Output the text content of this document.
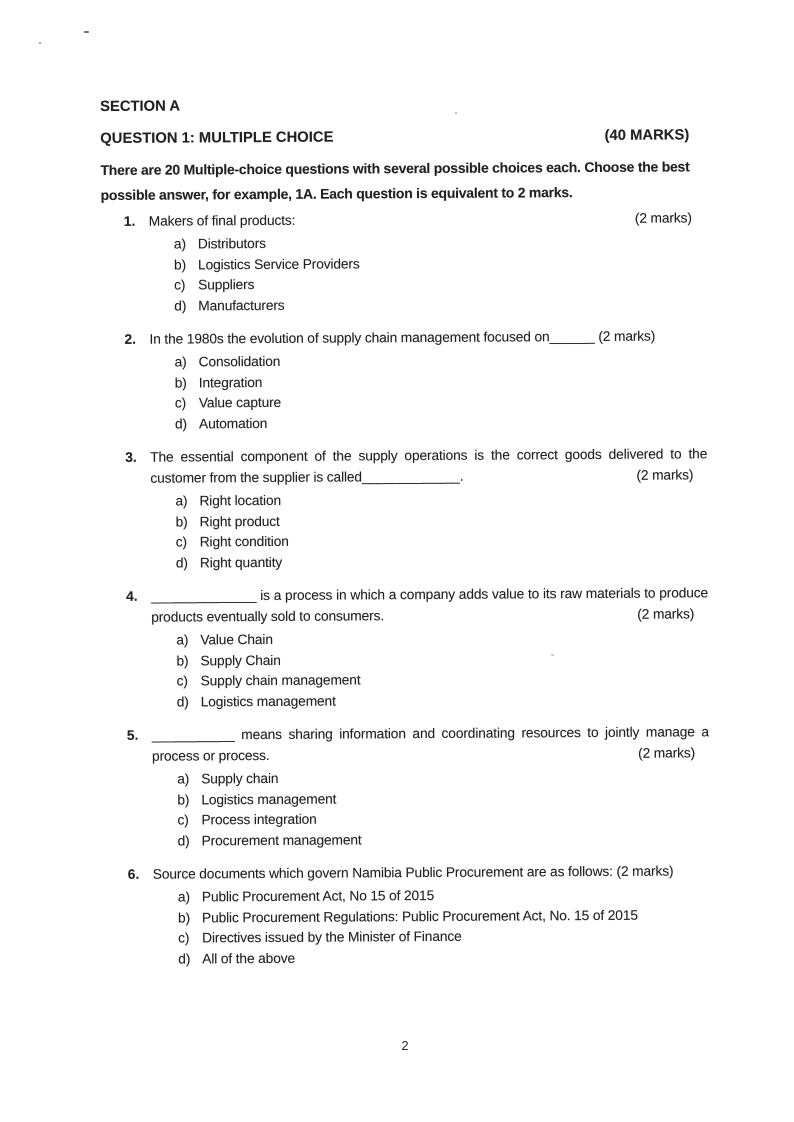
SECTION A
QUESTION 1: MULTIPLE CHOICE	(40 MARKS)
There are 20 Multiple-choice questions with several possible choices each. Choose the best
possible answer, for example, 1A. Each question is equivalent to 2 marks.
1. Makers of final products:	(2 marks)
a) Distributors
b) Logistics Service Providers
c) Suppliers
d) Manufacturers
2. In the 1980s the evolution of supply chain management focused on______ (2 marks)
a) Consolidation
b) Integration
c) Value capture
d) Automation
3. The essential component of the supply operations is the correct goods delivered to the
customer from the supplier is called_____________.	(2 marks)
a) Right location
b) Right product
c) Right condition
d) Right quantity
4. ______________ is a process in which a company adds value to its raw materials to produce
products eventually sold to consumers.	(2 marks)
a) Value Chain
b) Supply Chain
c) Supply chain management
d) Logistics management
5. ___________ means sharing information and coordinating resources to jointly manage a
process or process.	(2 marks)
a) Supply chain
b) Logistics management
c) Process integration
d) Procurement management
6. Source documents which govern Namibia Public Procurement are as follows: (2 marks)
a) Public Procurement Act, No 15 of 2015
b) Public Procurement Regulations: Public Procurement Act, No. 15 of 2015
c) Directives issued by the Minister of Finance
d) All of the above
2
